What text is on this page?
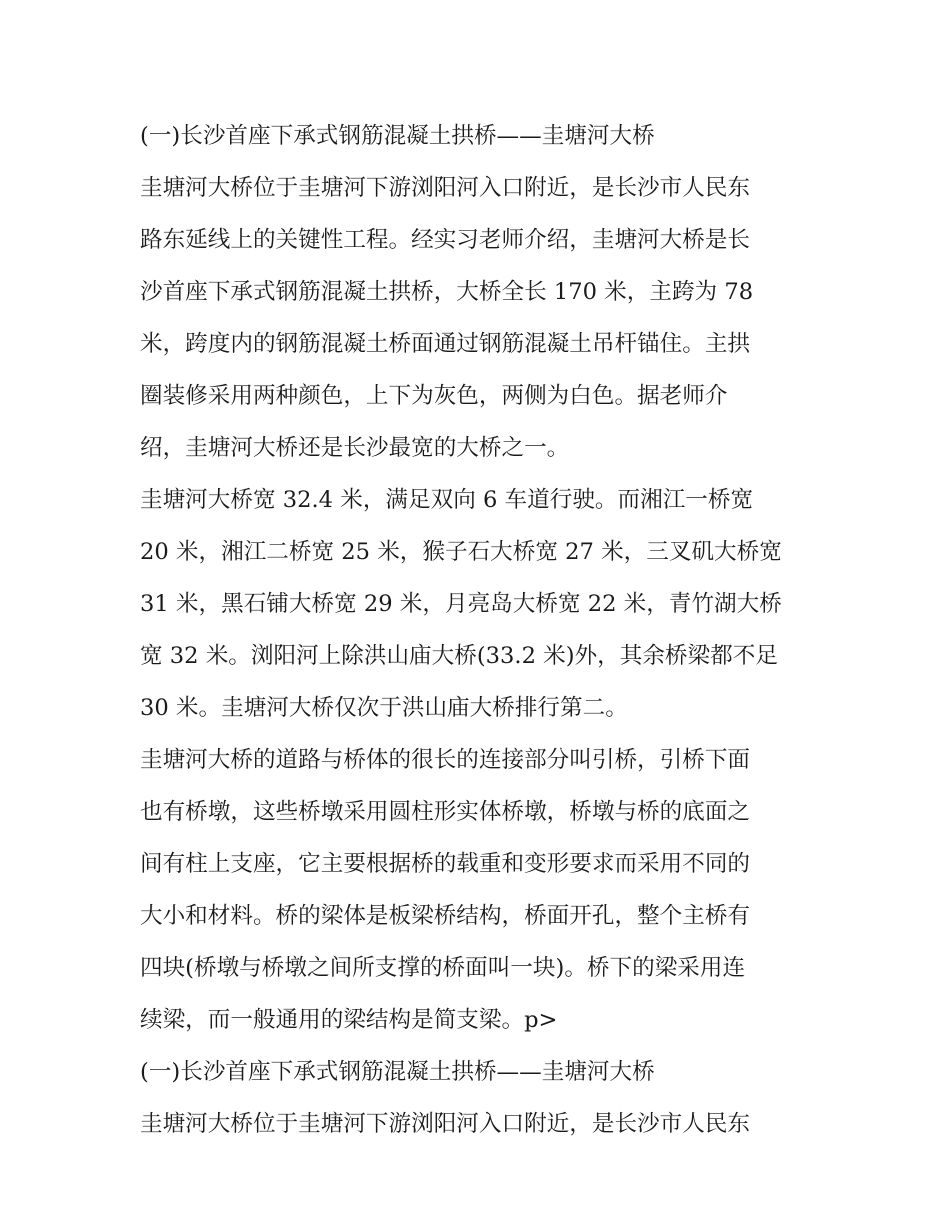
(一)长沙首座下承式钢筋混凝土拱桥——圭塘河大桥

圭塘河大桥位于圭塘河下游浏阳河入口附近，是长沙市人民东
路东延线上的关键性工程。经实习老师介绍，圭塘河大桥是长
沙首座下承式钢筋混凝土拱桥，大桥全长 170 米，主跨为 78
米，跨度内的钢筋混凝土桥面通过钢筋混凝土吊杆锚住。主拱
圈装修采用两种颜色，上下为灰色，两侧为白色。据老师介
绍，圭塘河大桥还是长沙最宽的大桥之一。

圭塘河大桥宽 32.4 米，满足双向 6 车道行驶。而湘江一桥宽
20 米，湘江二桥宽 25 米，猴子石大桥宽 27 米，三叉矶大桥宽
31 米，黑石铺大桥宽 29 米，月亮岛大桥宽 22 米，青竹湖大桥
宽 32 米。浏阳河上除洪山庙大桥(33.2 米)外，其余桥梁都不足
30 米。圭塘河大桥仅次于洪山庙大桥排行第二。

圭塘河大桥的道路与桥体的很长的连接部分叫引桥，引桥下面
也有桥墩，这些桥墩采用圆柱形实体桥墩，桥墩与桥的底面之
间有柱上支座，它主要根据桥的载重和变形要求而采用不同的
大小和材料。桥的梁体是板梁桥结构，桥面开孔，整个主桥有
四块(桥墩与桥墩之间所支撑的桥面叫一块)。桥下的梁采用连
续梁，而一般通用的梁结构是简支梁。p>

(一)长沙首座下承式钢筋混凝土拱桥——圭塘河大桥

圭塘河大桥位于圭塘河下游浏阳河入口附近，是长沙市人民东
